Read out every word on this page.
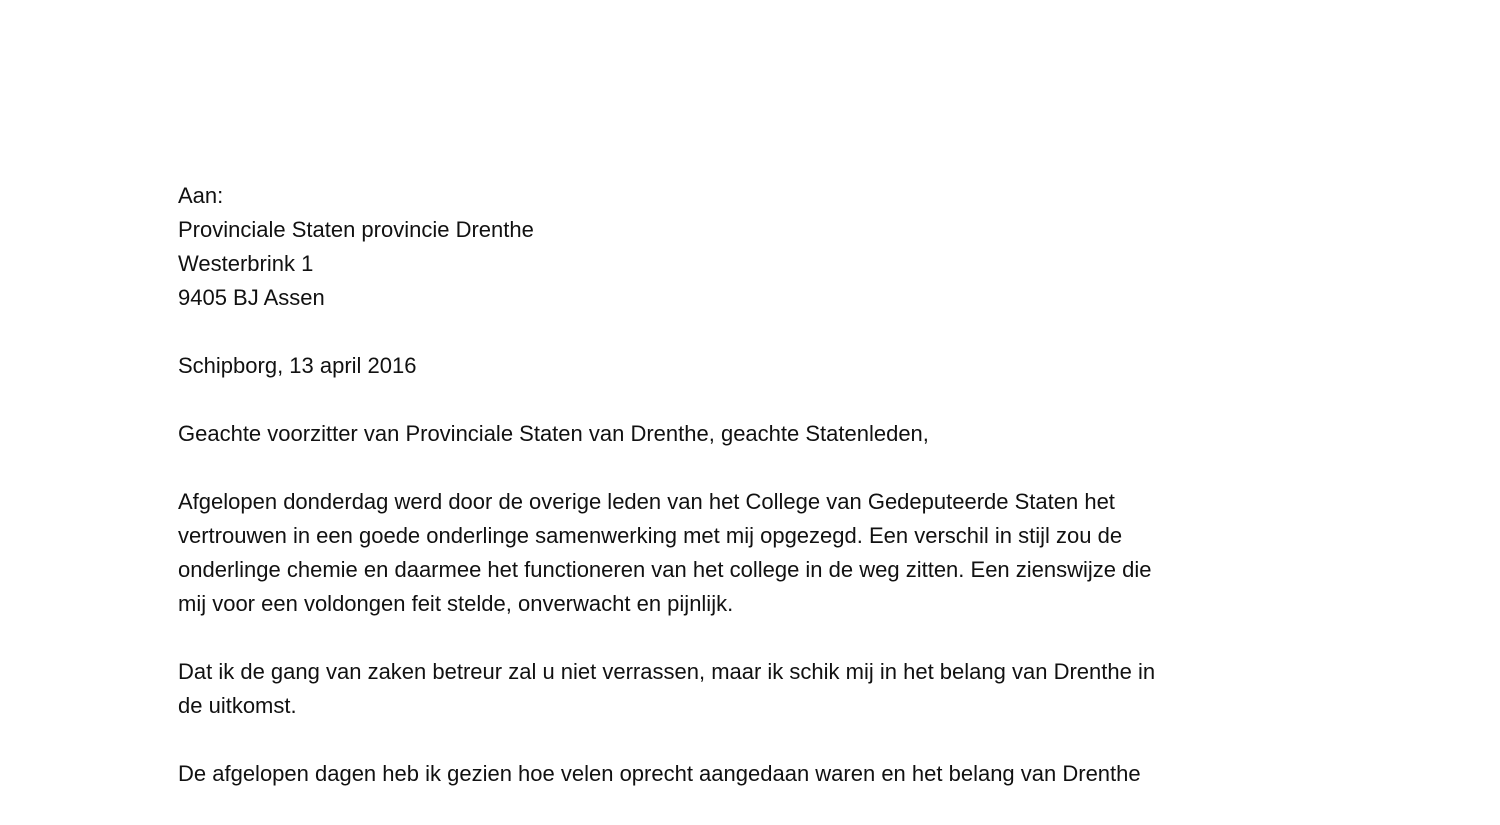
Aan:
Provinciale Staten provincie Drenthe
Westerbrink 1
9405 BJ Assen
Schipborg, 13 april 2016
Geachte voorzitter van Provinciale Staten van Drenthe, geachte Statenleden,
Afgelopen donderdag werd door de overige leden van het College van Gedeputeerde Staten het
vertrouwen in een goede onderlinge samenwerking met mij opgezegd. Een verschil in stijl zou de
onderlinge chemie en daarmee het functioneren van het college in de weg zitten. Een zienswijze die
mij voor een voldongen feit stelde, onverwacht en pijnlijk.
Dat ik de gang van zaken betreur zal u niet verrassen, maar ik schik mij in het belang van Drenthe in
de uitkomst.
De afgelopen dagen heb ik gezien hoe velen oprecht aangedaan waren en het belang van Drenthe
